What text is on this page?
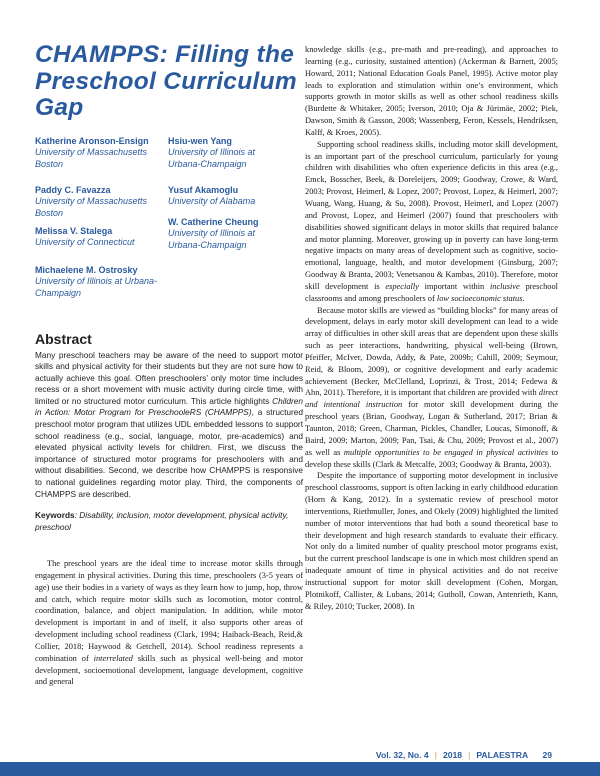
CHAMPPS: Filling the Preschool Curriculum Gap
Katherine Aronson-Ensign
University of Massachusetts Boston
Hsiu-wen Yang
University of Illinois at Urbana-Champaign
Paddy C. Favazza
University of Massachusetts Boston
Yusuf Akamoglu
University of Alabama
Melissa V. Stalega
University of Connecticut
W. Catherine Cheung
University of Illinois at Urbana-Champaign
Michaelene M. Ostrosky
University of Illinois at Urbana-Champaign
Abstract

Many preschool teachers may be aware of the need to support motor skills and physical activity for their students but they are not sure how to actually achieve this goal. Often preschoolers’ only motor time includes recess or a short movement with music activity during circle time, with limited or no structured motor curriculum. This article highlights Children in Action: Motor Program for PreschooleRS (CHAMPPS), a structured preschool motor program that utilizes UDL embedded lessons to support school readiness (e.g., social, language, motor, pre-academics) and elevated physical activity levels for children. First, we discuss the importance of structured motor programs for preschoolers with and without disabilities. Second, we describe how CHAMPPS is responsive to national guidelines regarding motor play. Third, the components of CHAMPPS are described.

Keywords: Disability, inclusion, motor development, physical activity, preschool

The preschool years are the ideal time to increase motor skills through engagement in physical activities. During this time, preschoolers (3-5 years of age) use their bodies in a variety of ways as they learn how to jump, hop, throw and catch, which require motor skills such as locomotion, motor control, coordination, balance, and object manipulation. In addition, while motor development is important in and of itself, it also supports other areas of development including school readiness (Clark, 1994; Haiback-Beach, Reid,& Collier, 2018; Haywood & Getchell, 2014). School readiness represents a combination of interrelated skills such as physical well-being and motor development, socioemotional development, language development, cognitive and general

knowledge skills (e.g., pre-math and pre-reading), and approaches to learning (e.g., curiosity, sustained attention) (Ackerman & Barnett, 2005; Howard, 2011; National Education Goals Panel, 1995). Active motor play leads to exploration and stimulation within one’s environment, which supports growth in motor skills as well as other school readiness skills (Burdette & Whitaker, 2005; Iverson, 2010; Oja & Jürimäe, 2002; Piek, Dawson, Smith & Gasson, 2008; Wassenberg, Feron, Kessels, Hendriksen, Kalff, & Kroes, 2005).

Supporting school readiness skills, including motor skill development, is an important part of the preschool curriculum, particularly for young children with disabilities who often experience deficits in this area (e.g., Emck, Bosscher, Beek, & Doreleijers, 2009; Goodway, Crowe, & Ward, 2003; Provost, Heimerl, & Lopez, 2007; Provost, Lopez, & Heimerl, 2007; Wuang, Wang, Huang, & Su, 2008). Provost, Heimerl, and Lopez (2007) and Provost, Lopez, and Heimerl (2007) found that preschoolers with disabilities showed significant delays in motor skills that required balance and motor planning. Moreover, growing up in poverty can have long-term negative impacts on many areas of development such as cognitive, socio-emotional, language, health, and motor development (Ginsburg, 2007; Goodway & Branta, 2003; Venetsanou & Kambas, 2010). Therefore, motor skill development is especially important within inclusive preschool classrooms and among preschoolers of low socioeconomic status.

Because motor skills are viewed as “building blocks” for many areas of development, delays in early motor skill development can lead to a wide array of difficulties in other skill areas that are dependent upon these skills such as peer interactions, handwriting, physical well-being (Brown, Pfeiffer, McIver, Dowda, Addy, & Pate, 2009b; Cahill, 2009; Seymour, Reid, & Bloom, 2009), or cognitive development and early academic achievement (Becker, McClelland, Loprinzi, & Trost, 2014; Fedewa & Ahn, 2011). Therefore, it is important that children are provided with direct and intentional instruction for motor skill development during the preschool years (Brian, Goodway, Logan & Sutherland, 2017; Brian & Taunton, 2018; Green, Charman, Pickles, Chandler, Loucas, Simonoff, & Baird, 2009; Marton, 2009; Pan, Tsai, & Chu, 2009; Provost et al., 2007) as well as multiple opportunities to be engaged in physical activities to develop these skills (Clark & Metcalfe, 2003; Goodway & Branta, 2003).

Despite the importance of supporting motor development in inclusive preschool classrooms, support is often lacking in early childhood education (Horn & Kang, 2012). In a systematic review of preschool motor interventions, Riethmuller, Jones, and Okely (2009) highlighted the limited number of motor interventions that had both a sound theoretical base to their development and high research standards to evaluate their efficacy. Not only do a limited number of quality preschool motor programs exist, but the current preschool landscape is one in which most children spend an inadequate amount of time in physical activities and do not receive instructional support for motor skill development (Cohen, Morgan, Plotnikoff, Callister, & Lubans, 2014; Gutholl, Cowan, Antenrieth, Kann, & Riley, 2010; Tucker, 2008). In

Vol. 32, No. 4 | 2018 | PALAESTRA 29
